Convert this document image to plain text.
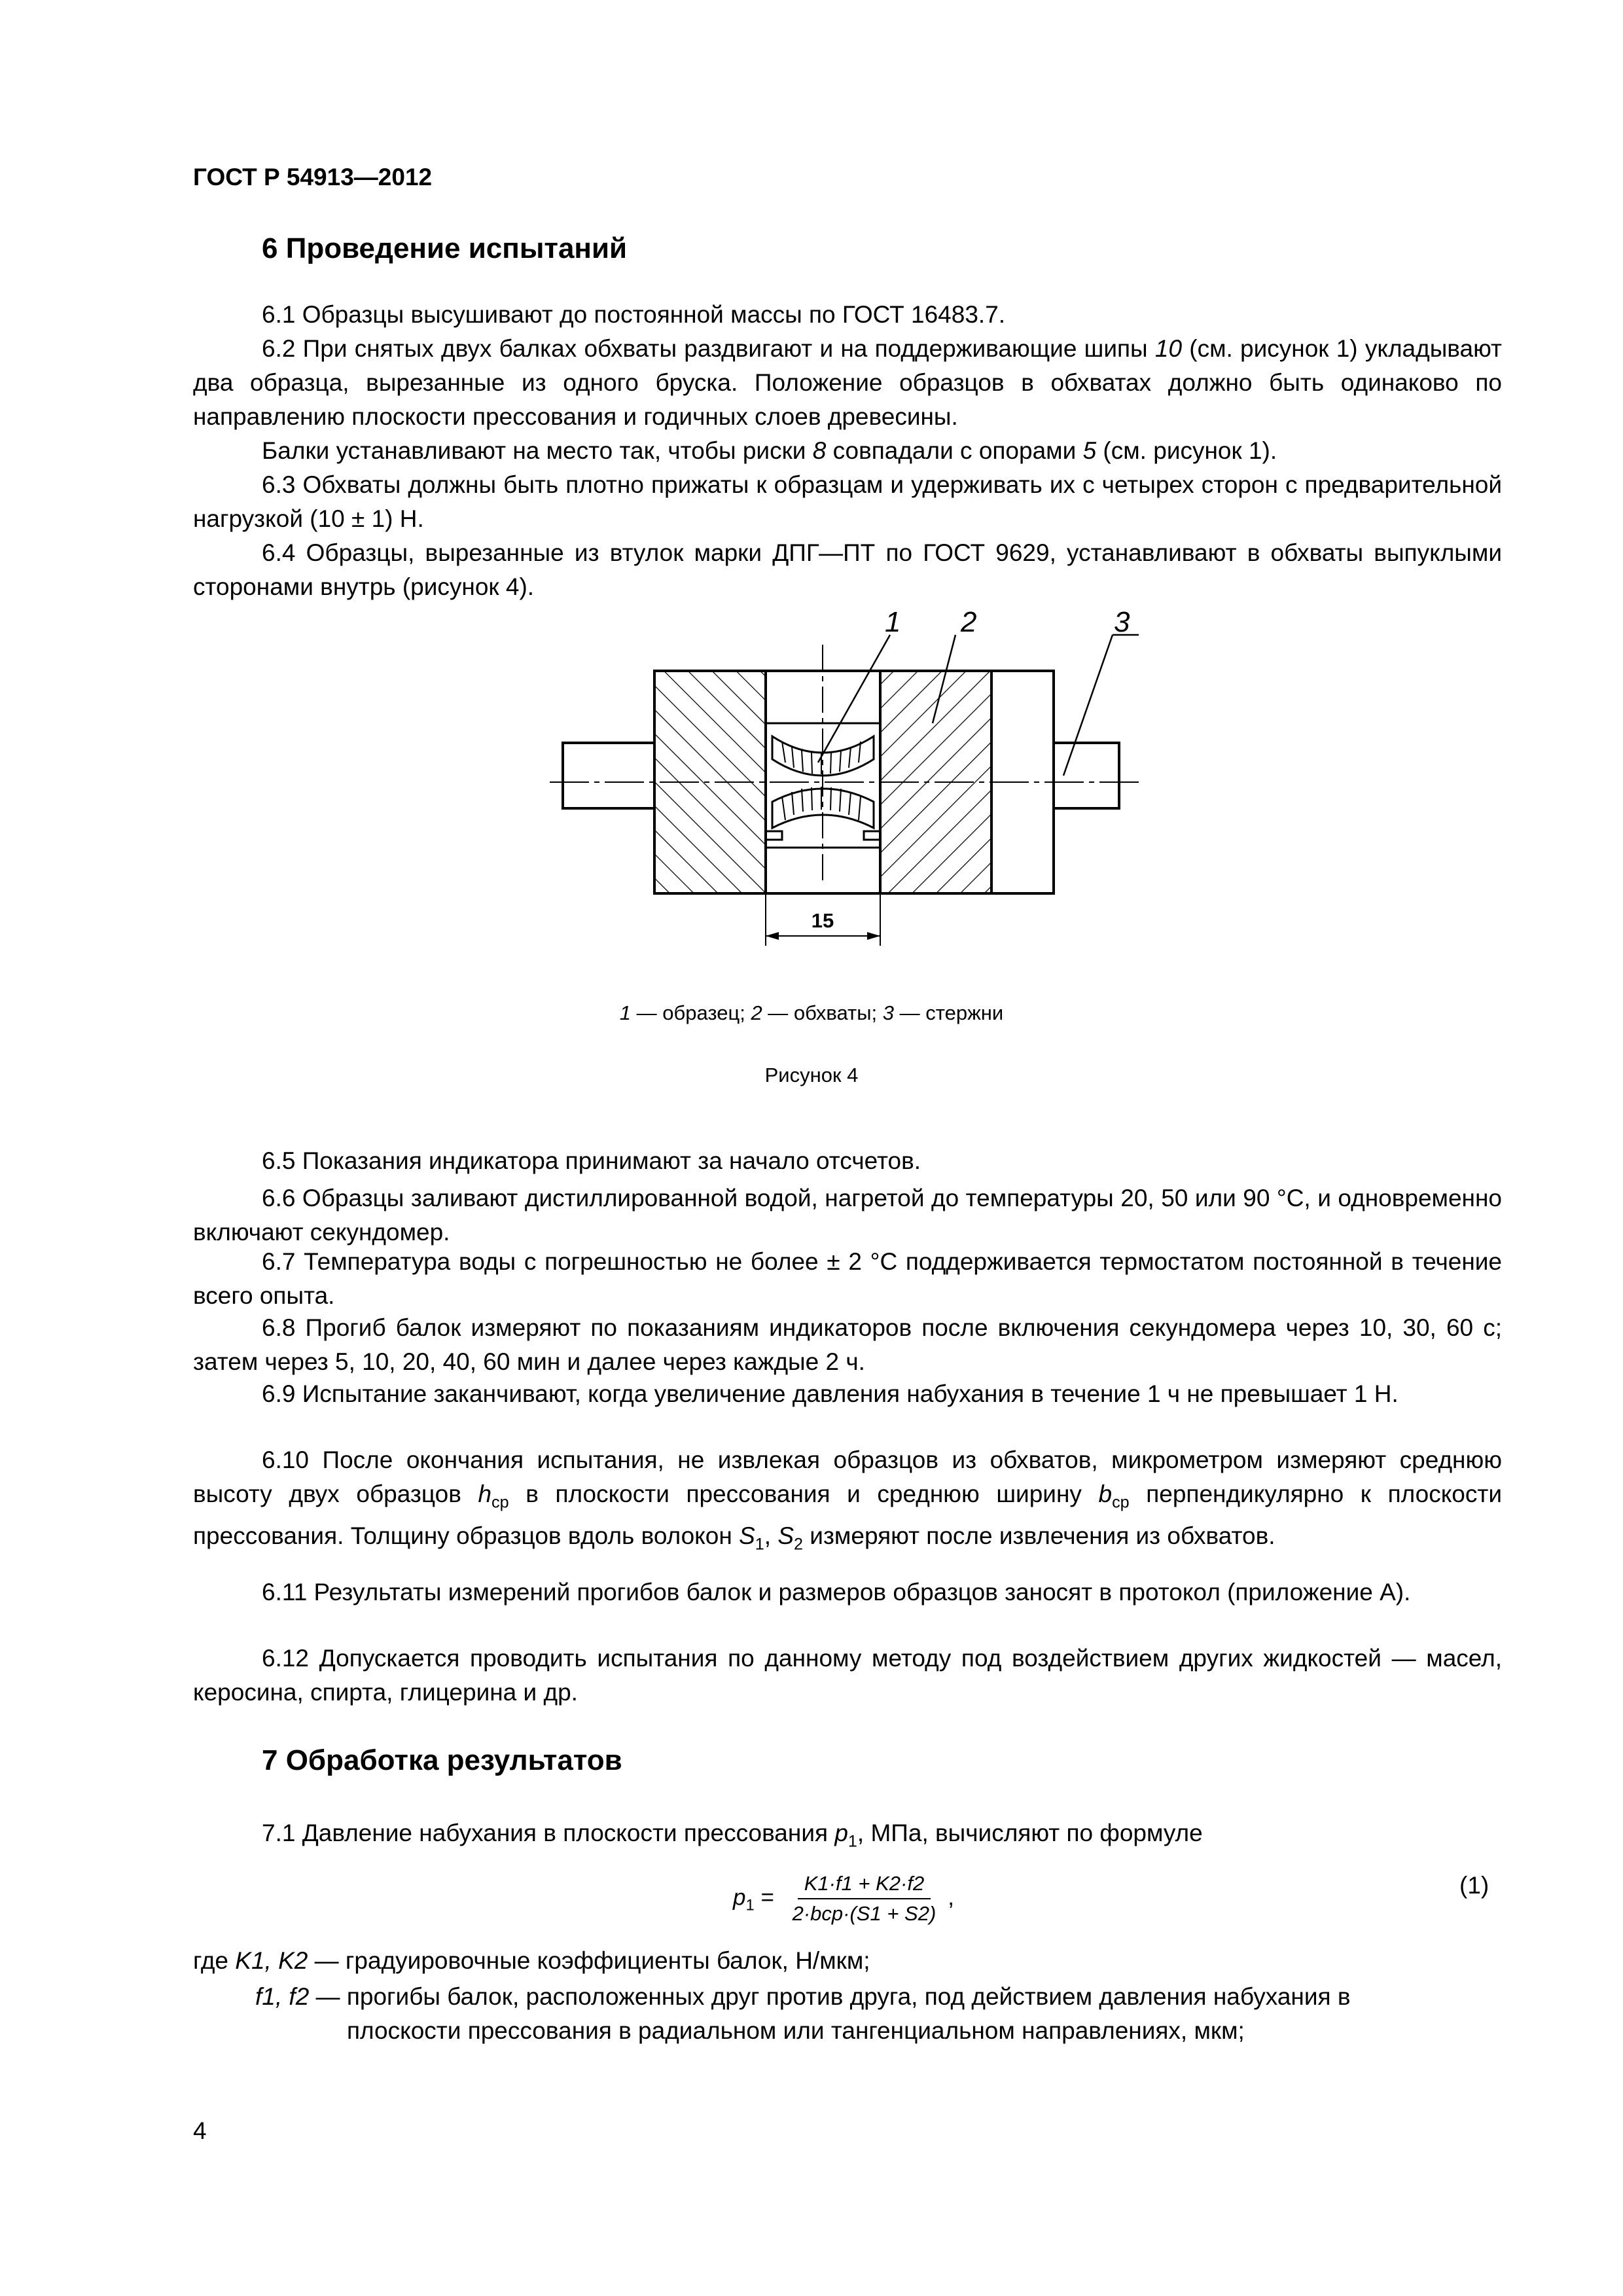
ГОСТ Р 54913—2012
6 Проведение испытаний
6.1 Образцы высушивают до постоянной массы по ГОСТ 16483.7.
6.2 При снятых двух балках обхваты раздвигают и на поддерживающие шипы 10 (см. рисунок 1) укладывают два образца, вырезанные из одного бруска. Положение образцов в обхватах должно быть одинаково по направлению плоскости прессования и годичных слоев древесины.
Балки устанавливают на место так, чтобы риски 8 совпадали с опорами 5 (см. рисунок 1).
6.3 Обхваты должны быть плотно прижаты к образцам и удерживать их с четырех сторон с предварительной нагрузкой (10 ± 1) Н.
6.4 Образцы, вырезанные из втулок марки ДПГ—ПТ по ГОСТ 9629, устанавливают в обхваты выпуклыми сторонами внутрь (рисунок 4).
15
1 2	3
1 — образец; 2 — обхваты; 3 — стержни
Рисунок 4
6.5 Показания индикатора принимают за начало отсчетов.
6.6 Образцы заливают дистиллированной водой, нагретой до температуры 20, 50 или 90 °С, и одновременно включают секундомер.
6.7 Температура воды с погрешностью не более ± 2 °С поддерживается термостатом постоянной в течение всего опыта.
6.8 Прогиб балок измеряют по показаниям индикаторов после включения секундомера через 10, 30, 60 с; затем через 5, 10, 20, 40, 60 мин и далее через каждые 2 ч.
6.9 Испытание заканчивают, когда увеличение давления набухания в течение 1 ч не превышает 1 Н.
6.10 После окончания испытания, не извлекая образцов из обхватов, микрометром измеряют среднюю высоту двух образцов $h_{ср}$ в плоскости прессования и среднюю ширину $b_{ср}$ перпендикулярно к плоскости прессования. Толщину образцов вдоль волокон $S_1$, $S_2$ измеряют после извлечения из обхватов.
6.11 Результаты измерений прогибов балок и размеров образцов заносят в протокол (приложение А).
6.12 Допускается проводить испытания по данному методу под воздействием других жидкостей — масел, керосина, спирта, глицерина и др.
7 Обработка результатов
7.1 Давление набухания в плоскости прессования $p_1$, МПа, вычисляют по формуле
$p_1 = \frac{K1\cdot f1 + K2\cdot f2}{\text{2·bср·(S1 + S2)}}$ ,	(1)
где K1, K2 — градуировочные коэффициенты балок, Н/мкм;
f1, f2 — прогибы балок, расположенных друг против друга, под действием давления набухания в
плоскости прессования в радиальном или тангенциальном направлениях, мкм;
4
